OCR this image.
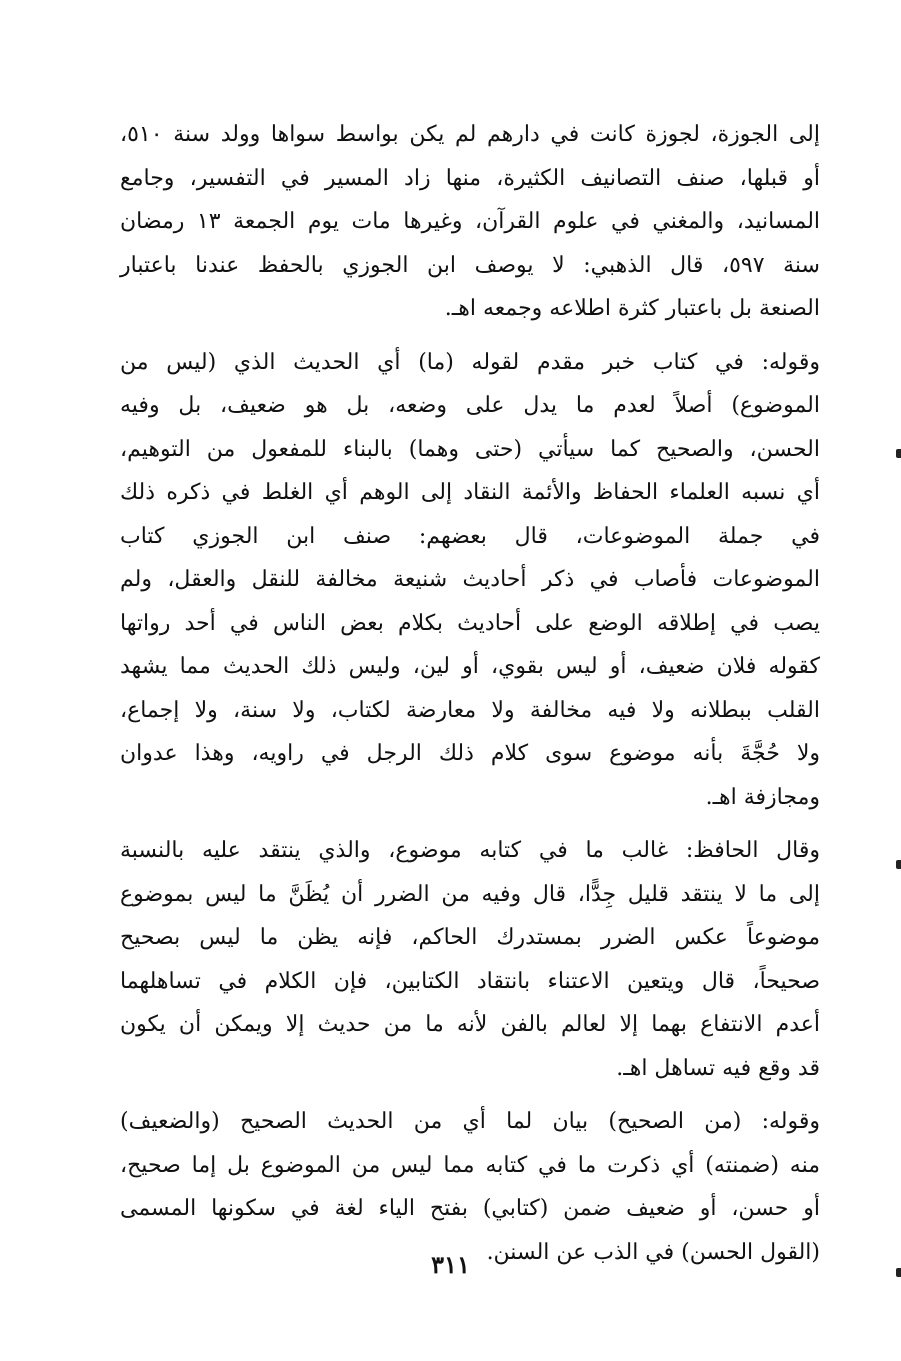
إلى الجوزة، لجوزة كانت في دارهم لم يكن بواسط سواها وولد سنة ٥١٠،
أو قبلها، صنف التصانيف الكثيرة، منها زاد المسير في التفسير، وجامع
المسانيد، والمغني في علوم القرآن، وغيرها مات يوم الجمعة ١٣ رمضان
سنة ٥٩٧، قال الذهبي: لا يوصف ابن الجوزي بالحفظ عندنا باعتبار
الصنعة بل باعتبار كثرة اطلاعه وجمعه اهـ.
وقوله: في كتاب خبر مقدم لقوله (ما) أي الحديث الذي (ليس من
الموضوع) أصلاً لعدم ما يدل على وضعه، بل هو ضعيف، بل وفيه
الحسن، والصحيح كما سيأتي (حتى وهما) بالبناء للمفعول من التوهيم،
أي نسبه العلماء الحفاظ والأئمة النقاد إلى الوهم أي الغلط في ذكره ذلك
في جملة الموضوعات، قال بعضهم: صنف ابن الجوزي كتاب
الموضوعات فأصاب في ذكر أحاديث شنيعة مخالفة للنقل والعقل، ولم
يصب في إطلاقه الوضع على أحاديث بكلام بعض الناس في أحد رواتها
كقوله فلان ضعيف، أو ليس بقوي، أو لين، وليس ذلك الحديث مما يشهد
القلب ببطلانه ولا فيه مخالفة ولا معارضة لكتاب، ولا سنة، ولا إجماع،
ولا حُجَّةَ بأنه موضوع سوى كلام ذلك الرجل في راويه، وهذا عدوان
ومجازفة اهـ.
وقال الحافظ: غالب ما في كتابه موضوع، والذي ينتقد عليه بالنسبة
إلى ما لا ينتقد قليل جِدًّا، قال وفيه من الضرر أن يُظَنَّ ما ليس بموضوع
موضوعاً عكس الضرر بمستدرك الحاكم، فإنه يظن ما ليس بصحيح
صحيحاً، قال ويتعين الاعتناء بانتقاد الكتابين، فإن الكلام في تساهلهما
أعدم الانتفاع بهما إلا لعالم بالفن لأنه ما من حديث إلا ويمكن أن يكون
قد وقع فيه تساهل اهـ.
وقوله: (من الصحيح) بيان لما أي من الحديث الصحيح (والضعيف)
منه (ضمنته) أي ذكرت ما في كتابه مما ليس من الموضوع بل إما صحيح،
أو حسن، أو ضعيف ضمن (كتابي) بفتح الياء لغة في سكونها المسمى
(القول الحسن) في الذب عن السنن.
٣١١
